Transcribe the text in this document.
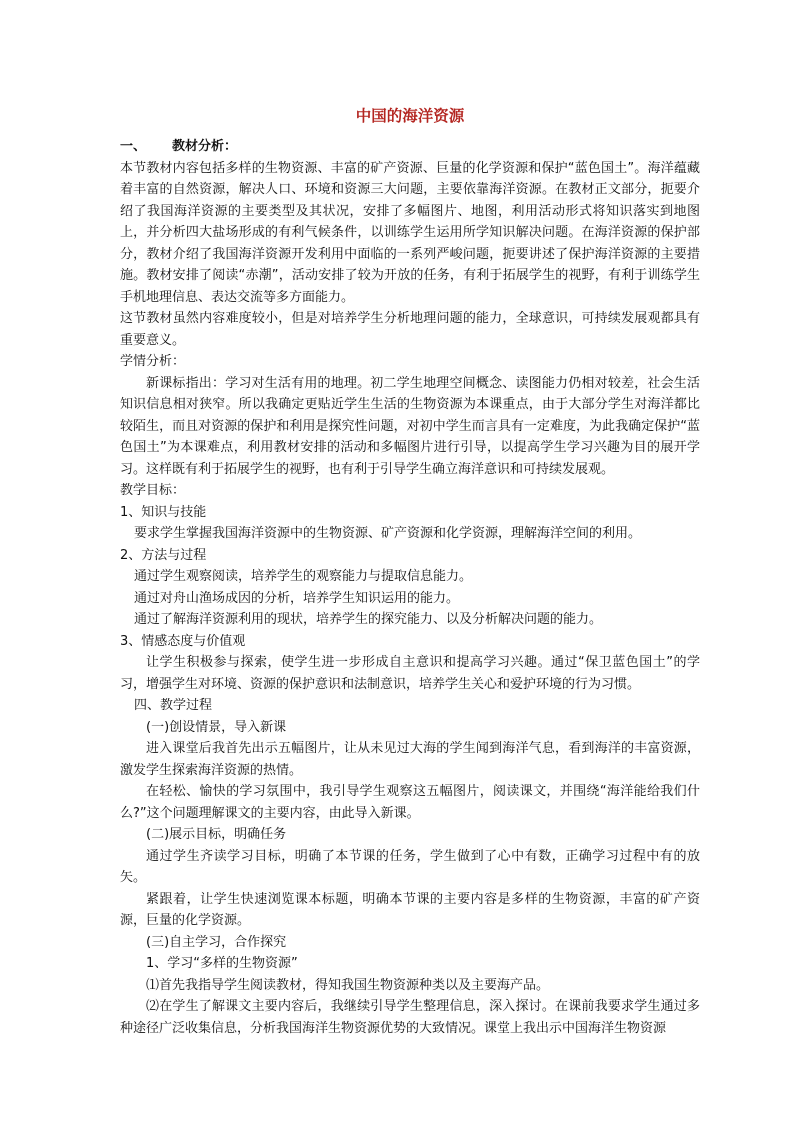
中国的海洋资源

一、 教材分析：

本节教材内容包括多样的生物资源、丰富的矿产资源、巨量的化学资源和保护“蓝色国土”。海洋蕴藏着丰富的自然资源，解决人口、环境和资源三大问题，主要依靠海洋资源。在教材正文部分，扼要介绍了我国海洋资源的主要类型及其状况，安排了多幅图片、地图，利用活动形式将知识落实到地图上，并分析四大盐场形成的有利气候条件，以训练学生运用所学知识解决问题。在海洋资源的保护部分，教材介绍了我国海洋资源开发利用中面临的一系列严峻问题，扼要讲述了保护海洋资源的主要措施。教材安排了阅读“赤潮”，活动安排了较为开放的任务，有利于拓展学生的视野，有利于训练学生手机地理信息、表达交流等多方面能力。

这节教材虽然内容难度较小，但是对培养学生分析地理问题的能力，全球意识，可持续发展观都具有重要意义。

学情分析：

新课标指出：学习对生活有用的地理。初二学生地理空间概念、读图能力仍相对较差，社会生活知识信息相对狭窄。所以我确定更贴近学生生活的生物资源为本课重点，由于大部分学生对海洋都比较陌生，而且对资源的保护和利用是探究性问题，对初中学生而言具有一定难度，为此我确定保护“蓝色国土”为本课难点，利用教材安排的活动和多幅图片进行引导，以提高学生学习兴趣为目的展开学习。这样既有利于拓展学生的视野，也有利于引导学生确立海洋意识和可持续发展观。

教学目标：

1、知识与技能

要求学生掌握我国海洋资源中的生物资源、矿产资源和化学资源，理解海洋空间的利用。

2、方法与过程

通过学生观察阅读，培养学生的观察能力与提取信息能力。

通过对舟山渔场成因的分析，培养学生知识运用的能力。

通过了解海洋资源利用的现状，培养学生的探究能力、以及分析解决问题的能力。

3、情感态度与价值观

让学生积极参与探索，使学生进一步形成自主意识和提高学习兴趣。通过“保卫蓝色国土”的学习，增强学生对环境、资源的保护意识和法制意识，培养学生关心和爱护环境的行为习惯。

四、教学过程

(一)创设情景，导入新课

进入课堂后我首先出示五幅图片，让从未见过大海的学生闻到海洋气息，看到海洋的丰富资源，激发学生探索海洋资源的热情。

在轻松、愉快的学习氛围中，我引导学生观察这五幅图片，阅读课文，并围绕“海洋能给我们什么?”这个问题理解课文的主要内容，由此导入新课。

(二)展示目标，明确任务

通过学生齐读学习目标，明确了本节课的任务，学生做到了心中有数，正确学习过程中有的放矢。

紧跟着，让学生快速浏览课本标题，明确本节课的主要内容是多样的生物资源，丰富的矿产资源，巨量的化学资源。

(三)自主学习，合作探究

1、学习“多样的生物资源”

⑴首先我指导学生阅读教材，得知我国生物资源种类以及主要海产品。

⑵在学生了解课文主要内容后，我继续引导学生整理信息，深入探讨。在课前我要求学生通过多种途径广泛收集信息，分析我国海洋生物资源优势的大致情况。课堂上我出示中国海洋生物资源
